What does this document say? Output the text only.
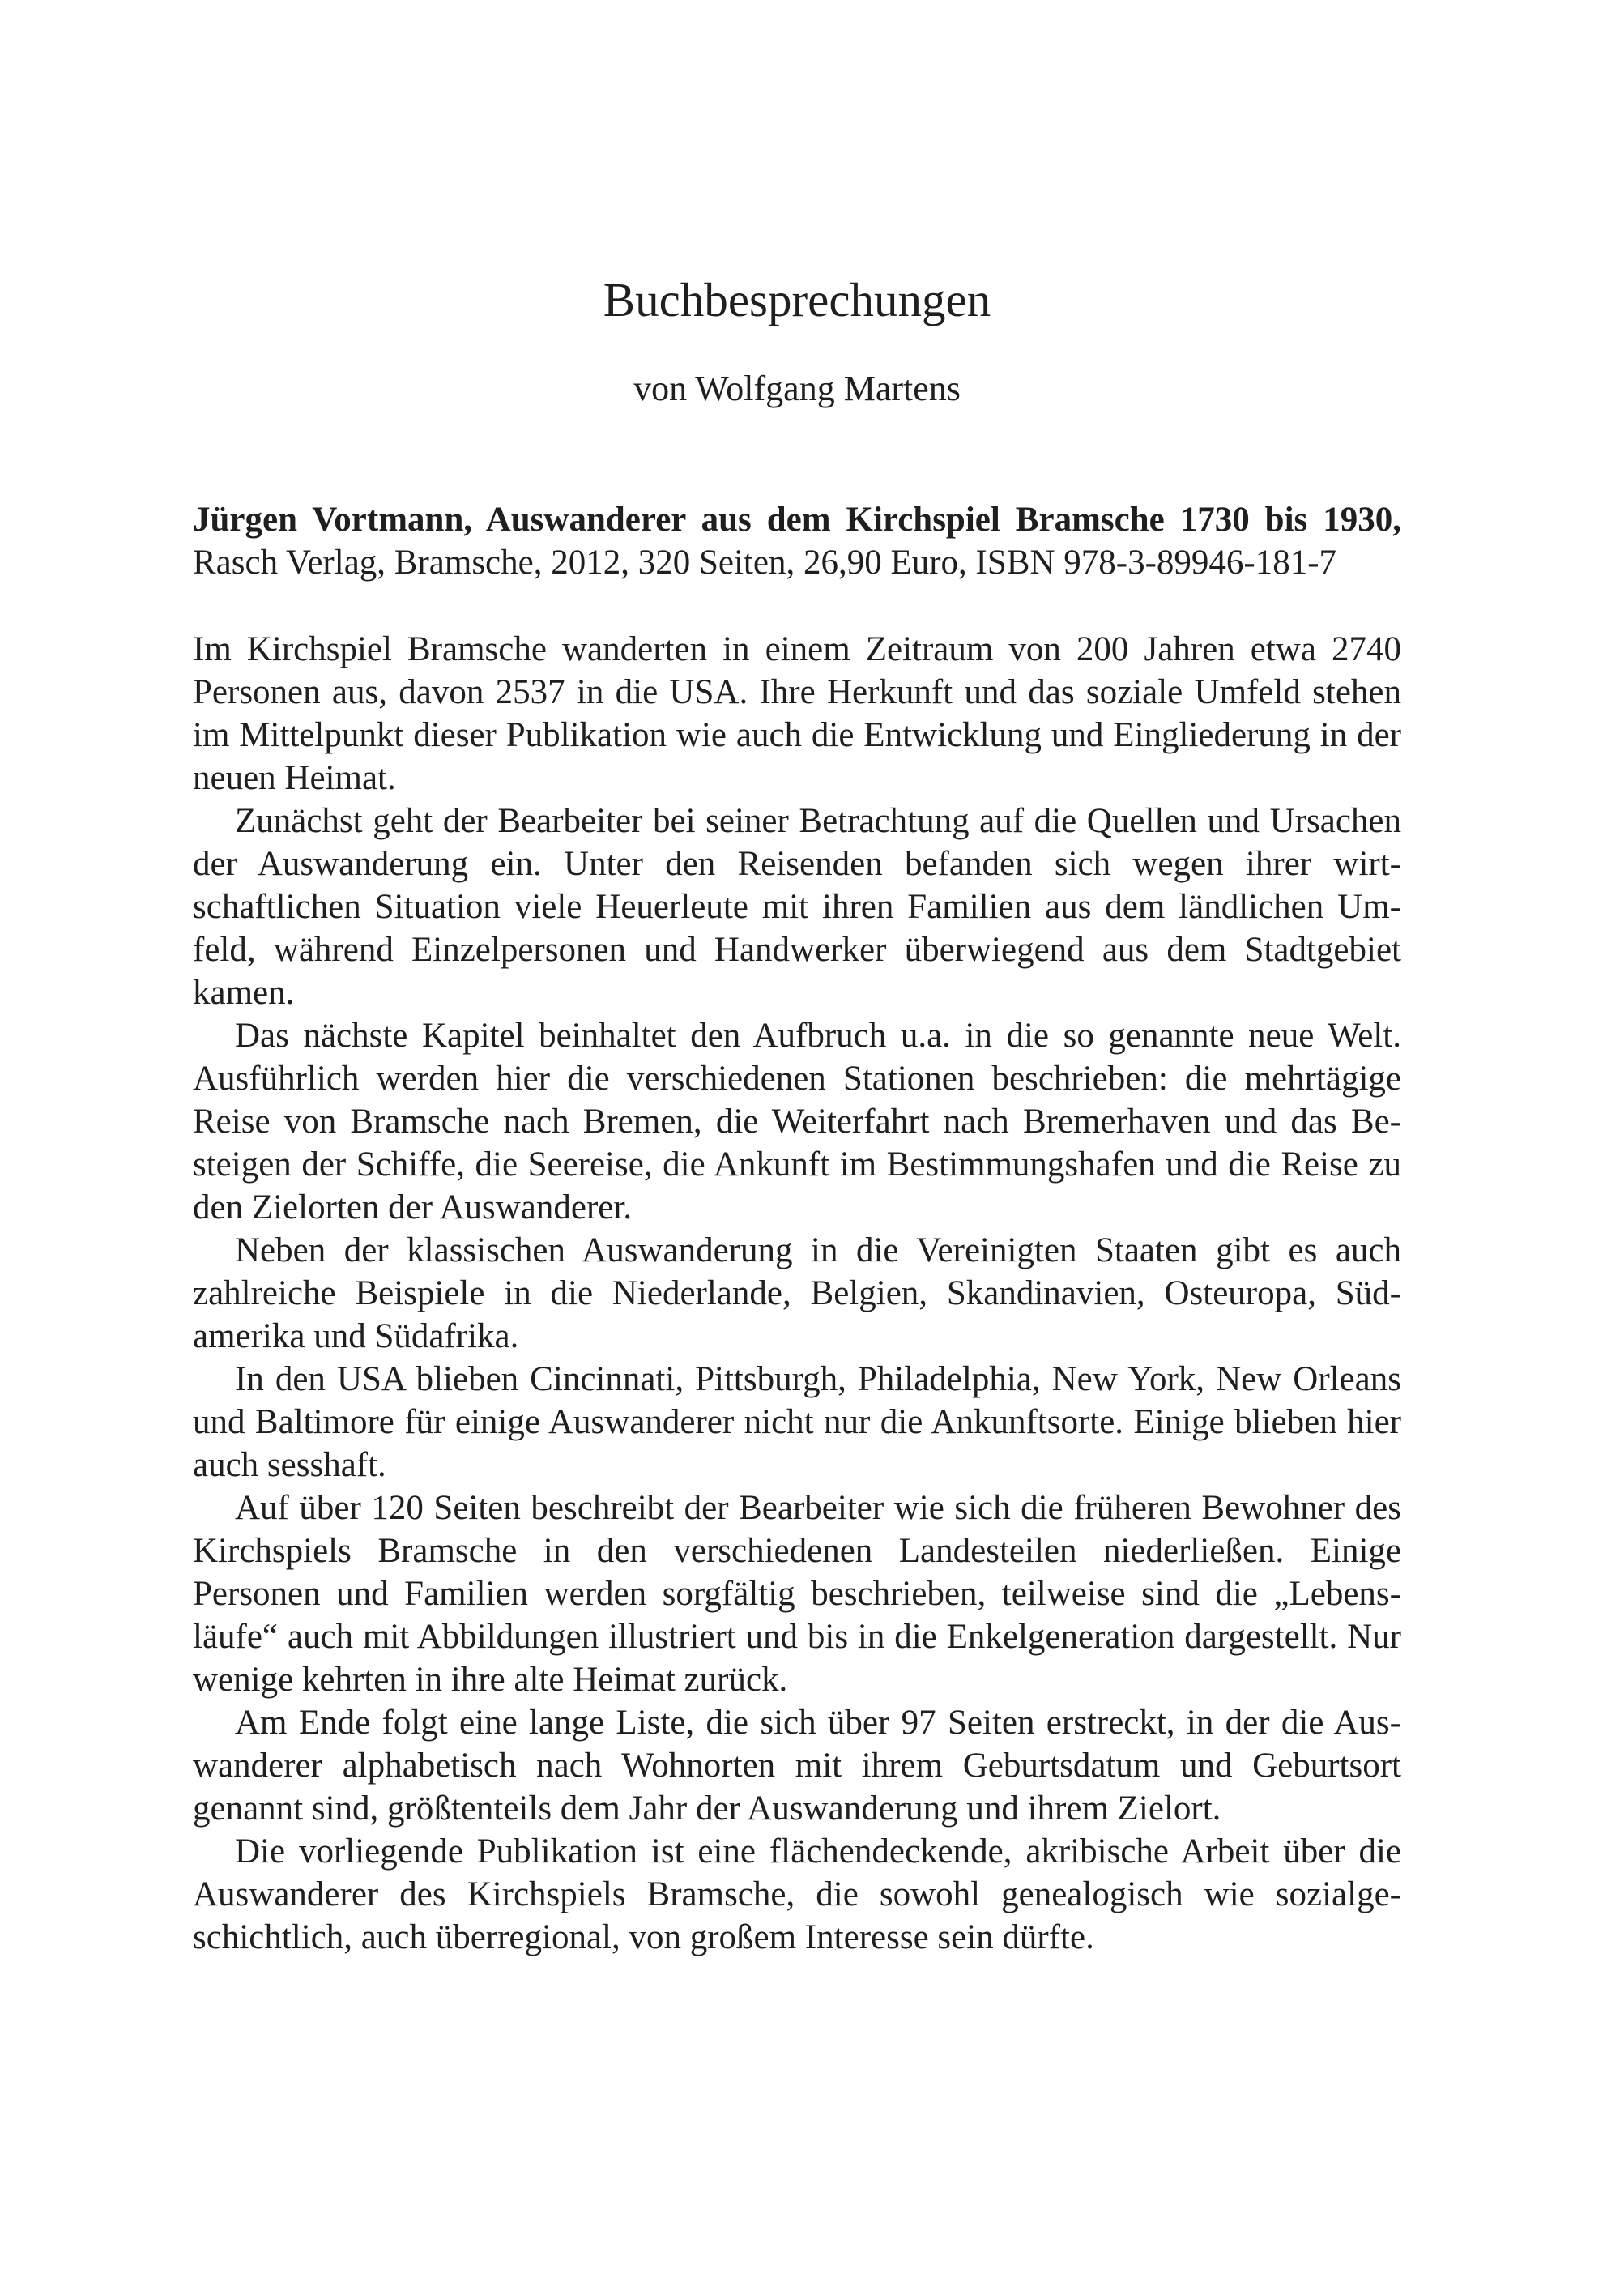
Buchbesprechungen
von Wolfgang Martens
Jürgen Vortmann, Auswanderer aus dem Kirchspiel Bramsche 1730 bis 1930,
Rasch Verlag, Bramsche, 2012, 320 Seiten, 26,90 Euro, ISBN 978-3-89946-181-7

Im Kirchspiel Bramsche wanderten in einem Zeitraum von 200 Jahren etwa 2740 Personen aus, davon 2537 in die USA. Ihre Herkunft und das soziale Umfeld stehen im Mittelpunkt dieser Publikation wie auch die Entwicklung und Eingliederung in der neuen Heimat.

Zunächst geht der Bearbeiter bei seiner Betrachtung auf die Quellen und Ursachen der Auswanderung ein. Unter den Reisenden befanden sich wegen ihrer wirtschaftlichen Situation viele Heuerleute mit ihren Familien aus dem ländlichen Umfeld, während Einzelpersonen und Handwerker überwiegend aus dem Stadtgebiet kamen.

Das nächste Kapitel beinhaltet den Aufbruch u.a. in die so genannte neue Welt. Ausführlich werden hier die verschiedenen Stationen beschrieben: die mehrtägige Reise von Bramsche nach Bremen, die Weiterfahrt nach Bremerhaven und das Besteigen der Schiffe, die Seereise, die Ankunft im Bestimmungshafen und die Reise zu den Zielorten der Auswanderer.

Neben der klassischen Auswanderung in die Vereinigten Staaten gibt es auch zahlreiche Beispiele in die Niederlande, Belgien, Skandinavien, Osteuropa, Südamerika und Südafrika.

In den USA blieben Cincinnati, Pittsburgh, Philadelphia, New York, New Orleans und Baltimore für einige Auswanderer nicht nur die Ankunftsorte. Einige blieben hier auch sesshaft.

Auf über 120 Seiten beschreibt der Bearbeiter wie sich die früheren Bewohner des Kirchspiels Bramsche in den verschiedenen Landesteilen niederließen. Einige Personen und Familien werden sorgfältig beschrieben, teilweise sind die „Lebensläufe“ auch mit Abbildungen illustriert und bis in die Enkelgeneration dargestellt. Nur wenige kehrten in ihre alte Heimat zurück.

Am Ende folgt eine lange Liste, die sich über 97 Seiten erstreckt, in der die Auswanderer alphabetisch nach Wohnorten mit ihrem Geburtsdatum und Geburtsort genannt sind, größtenteils dem Jahr der Auswanderung und ihrem Zielort.

Die vorliegende Publikation ist eine flächendeckende, akribische Arbeit über die Auswanderer des Kirchspiels Bramsche, die sowohl genealogisch wie sozialgeschichtlich, auch überregional, von großem Interesse sein dürfte.
